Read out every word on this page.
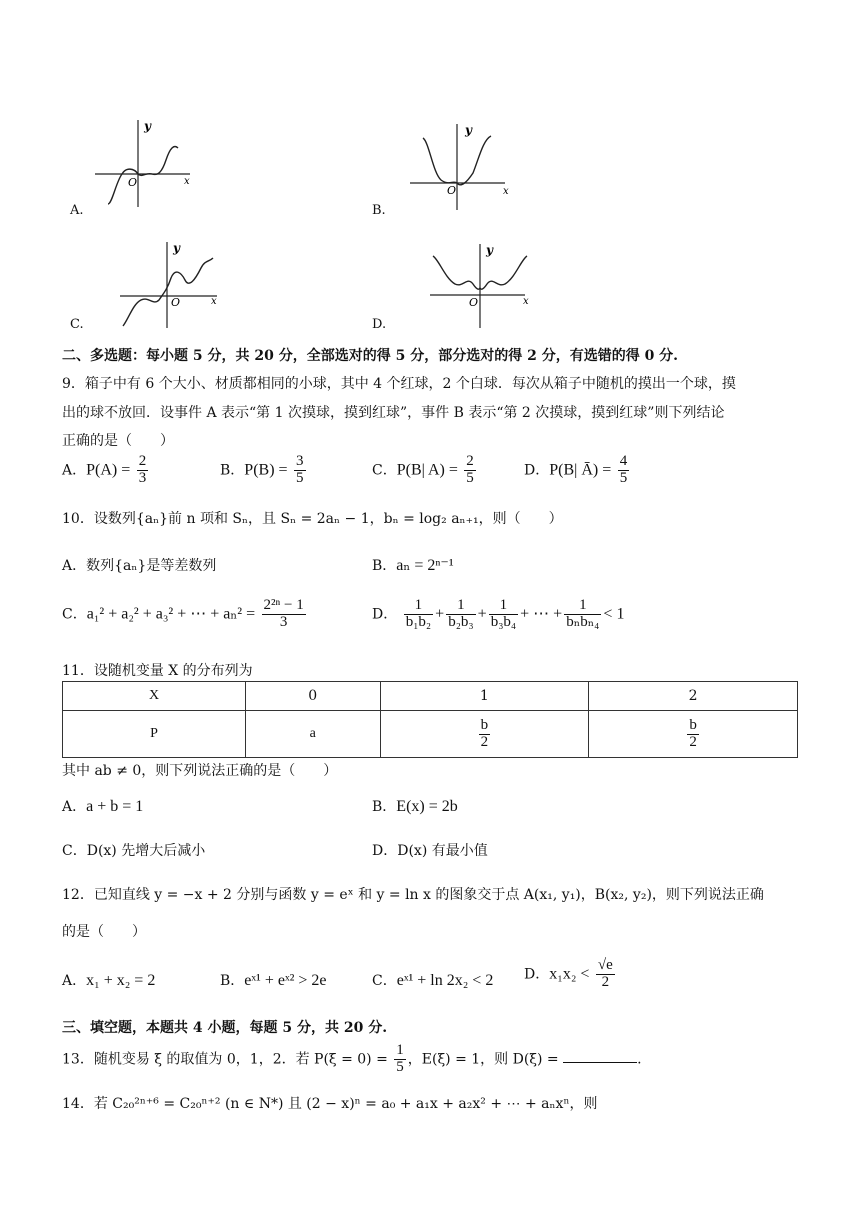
A.
y
x
O
B.
y
x
O
C.
y
x
O
D.
y
x
O
二、多选题：每小题 5 分，共 20 分，全部选对的得 5 分，部分选对的得 2 分，有选错的得 0 分.
9．箱子中有 6 个大小、材质都相同的小球，其中 4 个红球，2 个白球．每次从箱子中随机的摸出一个球，摸
出的球不放回．设事件 A 表示“第 1 次摸球，摸到红球”，事件 B 表示“第 2 次摸球，摸到红球”则下列结论
正确的是（　　）
A．$P(A) = \frac{2}{3}$	B．$P(B) = \frac{3}{5}$	C．P(B| $A) = \frac{2}{5}$	D．P(B| Ā) = $\frac{4}{5}$
10．设数列{aₙ}前 n 项和 Sₙ，且 Sₙ = 2aₙ − 1，bₙ = log₂ aₙ₊₁，则（　　）
A．数列{aₙ}是等差数列	B．aₙ = 2ⁿ⁻¹
C．a₁² + a₂² + a₃² + ⋯ + $a_n^2 = \frac{\text{2²ⁿ − 1}}{3}$	D． $\frac{1}{\text{b₁b₂}} + \frac{1}{\text{b₂b₃}} + \frac{1}{\text{b₃b₄}}$ + ⋯ + $\frac{1}{\text{bₙbₙ₄}} < 1$
11．设随机变量 X 的分布列为
X	0	1	2
P	a	$\frac{b}{2}$	$\frac{b}{2}$
其中 ab ≠ 0，则下列说法正确的是（　　）
A．a + b = 1	B．E(x) = 2b
C．D(x) 先增大后减小	D．D(x) 有最小值
12．已知直线 y = −x + 2 分别与函数 y = eˣ 和 y = ln x 的图象交于点 A(x₁, y₁)，B(x₂, y₂)，则下列说法正确
的是（　　）
A．x₁ + x₂ = 2	B．eˣ¹ + eˣ² > 2e	C．eˣ¹ + ln 2x₂ < 2 D．$x_1x_2 < \frac{√e}{2}$
三、填空题，本题共 4 小题，每题 5 分，共 20 分.
13．随机变易 ξ 的取值为 0，1，2．若 $P(\xi = 0) = \frac{1}{5}$ ，E(ξ) = 1，则 D(ξ) =	.
14．若 C₂₀²ⁿ⁺⁶ = C₂₀ⁿ⁺² (n ∈ N*) 且 (2 − x)ⁿ = a₀ + a₁x + a₂x² + ⋯ + aₙxⁿ，则
